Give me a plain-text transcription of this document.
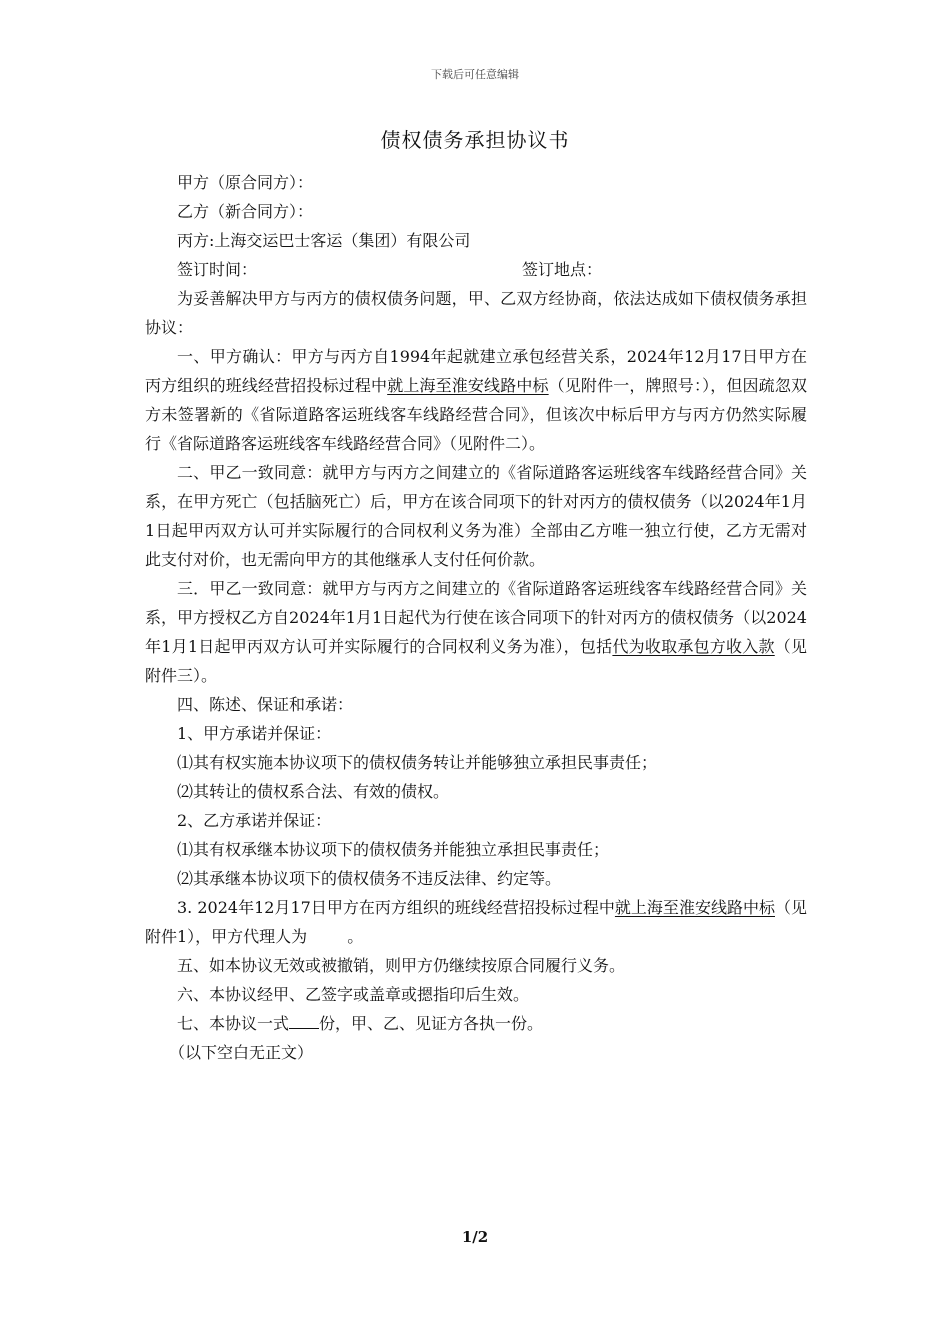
下载后可任意编辑
债权债务承担协议书

甲方（原合同方）：

乙方（新合同方）：

丙方:上海交运巴士客运（集团）有限公司

签订时间：	签订地点：

为妥善解决甲方与丙方的债权债务问题，甲、乙双方经协商，依法达成如下债权债务承担协议：

一、甲方确认：甲方与丙方自1994年起就建立承包经营关系，2024年12月17日甲方在丙方组织的班线经营招投标过程中就上海至淮安线路中标（见附件一，牌照号：），但因疏忽双方未签署新的《省际道路客运班线客车线路经营合同》，但该次中标后甲方与丙方仍然实际履行《省际道路客运班线客车线路经营合同》（见附件二）。

二、甲乙一致同意：就甲方与丙方之间建立的《省际道路客运班线客车线路经营合同》关系，在甲方死亡（包括脑死亡）后，甲方在该合同项下的针对丙方的债权债务（以2024年1月1日起甲丙双方认可并实际履行的合同权利义务为准）全部由乙方唯一独立行使，乙方无需对此支付对价，也无需向甲方的其他继承人支付任何价款。

三．甲乙一致同意：就甲方与丙方之间建立的《省际道路客运班线客车线路经营合同》关系，甲方授权乙方自2024年1月1日起代为行使在该合同项下的针对丙方的债权债务（以2024年1月1日起甲丙双方认可并实际履行的合同权利义务为准），包括代为收取承包方收入款（见附件三）。

四、陈述、保证和承诺：

1、甲方承诺并保证：

⑴其有权实施本协议项下的债权债务转让并能够独立承担民事责任；

⑵其转让的债权系合法、有效的债权。

2、乙方承诺并保证：

⑴其有权承继本协议项下的债权债务并能独立承担民事责任；

⑵其承继本协议项下的债权债务不违反法律、约定等。

3. 2024年12月17日甲方在丙方组织的班线经营招投标过程中就上海至淮安线路中标（见附件1），甲方代理人为	。

五、如本协议无效或被撤销，则甲方仍继续按原合同履行义务。

六、本协议经甲、乙签字或盖章或摁指印后生效。

七、本协议一式 份，甲、乙、见证方各执一份。

（以下空白无正文）

1/2
